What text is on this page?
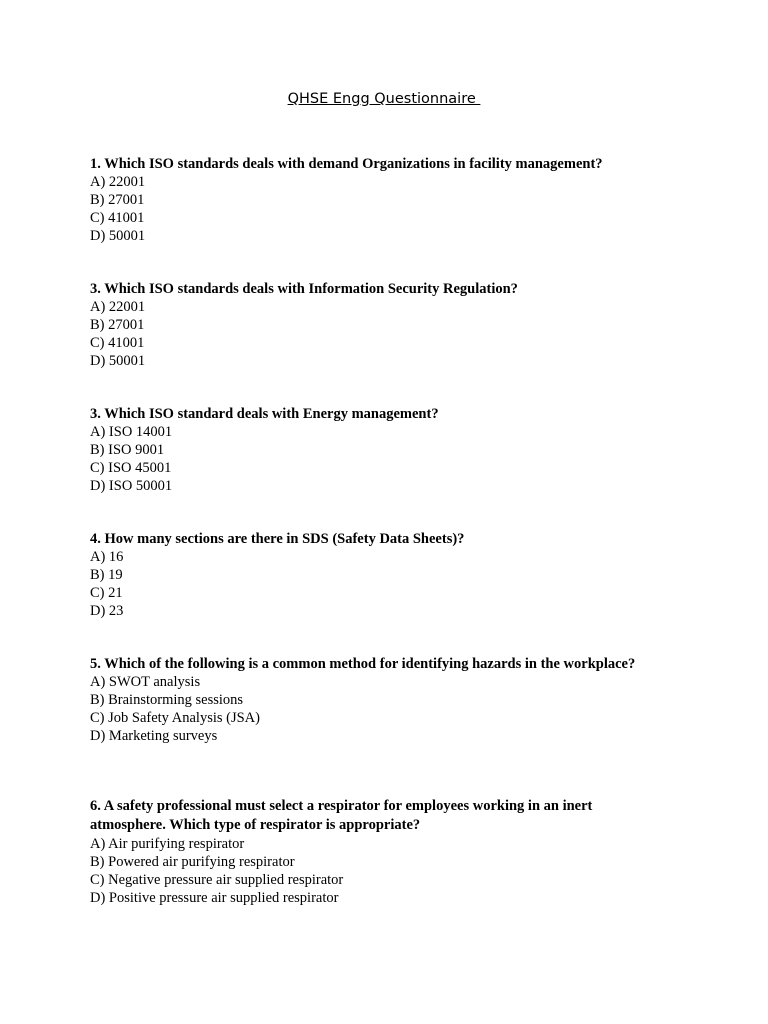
QHSE Engg Questionnaire

1. Which ISO standards deals with demand Organizations in facility management?

A) 22001

B) 27001

C) 41001

D) 50001

3. Which ISO standards deals with Information Security Regulation?

A) 22001

B) 27001

C) 41001

D) 50001

3. Which ISO standard deals with Energy management?

A) ISO 14001

B) ISO 9001

C) ISO 45001

D) ISO 50001

4. How many sections are there in SDS (Safety Data Sheets)?

A) 16

B) 19

C) 21

D) 23

5. Which of the following is a common method for identifying hazards in the workplace?

A) SWOT analysis

B) Brainstorming sessions

C) Job Safety Analysis (JSA)

D) Marketing surveys

6. A safety professional must select a respirator for employees working in an inert atmosphere. Which type of respirator is appropriate?

A) Air purifying respirator

B) Powered air purifying respirator

C) Negative pressure air supplied respirator

D) Positive pressure air supplied respirator
